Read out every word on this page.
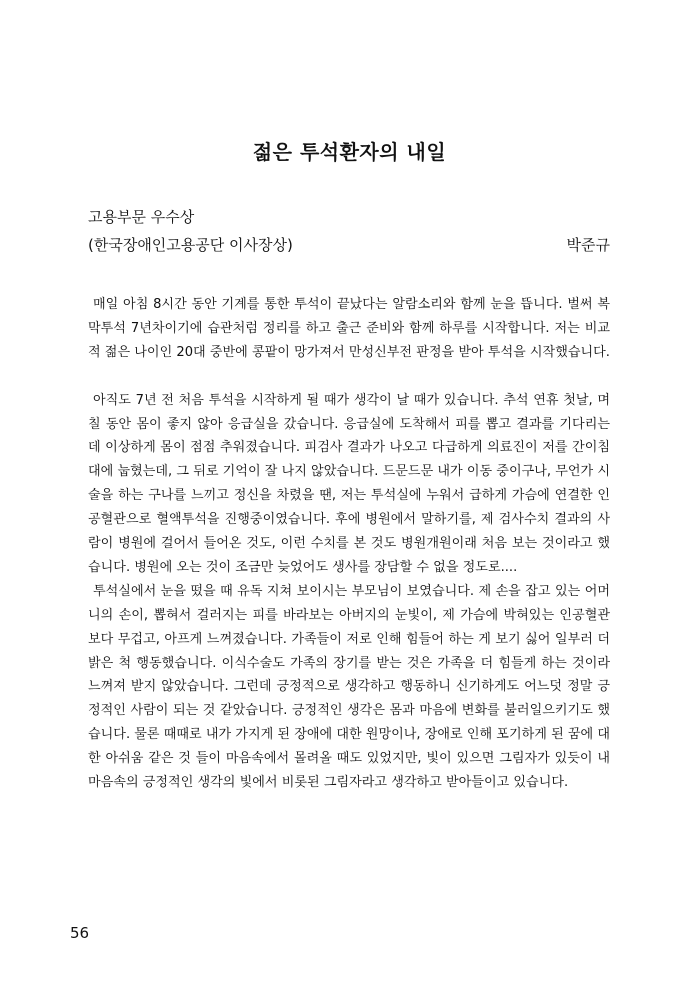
젊은 투석환자의 내일
고용부문 우수상
(한국장애인고용공단 이사장상)	박준규

매일 아침 8시간 동안 기계를 통한 투석이 끝났다는 알람소리와 함께 눈을 뜹니다. 벌써 복막투석 7년차이기에 습관처럼 정리를 하고 출근 준비와 함께 하루를 시작합니다. 저는 비교적 젊은 나이인 20대 중반에 콩팥이 망가져서 만성신부전 판정을 받아 투석을 시작했습니다.

아직도 7년 전 처음 투석을 시작하게 될 때가 생각이 날 때가 있습니다. 추석 연휴 첫날, 며칠 동안 몸이 좋지 않아 응급실을 갔습니다. 응급실에 도착해서 피를 뽑고 결과를 기다리는데 이상하게 몸이 점점 추워졌습니다. 피검사 결과가 나오고 다급하게 의료진이 저를 간이침대에 눕혔는데, 그 뒤로 기억이 잘 나지 않았습니다. 드문드문 내가 이동 중이구나, 무언가 시술을 하는 구나를 느끼고 정신을 차렸을 땐, 저는 투석실에 누워서 급하게 가슴에 연결한 인공혈관으로 혈액투석을 진행중이였습니다. 후에 병원에서 말하기를, 제 검사수치 결과의 사람이 병원에 걸어서 들어온 것도, 이런 수치를 본 것도 병원개원이래 처음 보는 것이라고 했습니다. 병원에 오는 것이 조금만 늦었어도 생사를 장담할 수 없을 정도로....

투석실에서 눈을 떴을 때 유독 지쳐 보이시는 부모님이 보였습니다. 제 손을 잡고 있는 어머니의 손이, 뽑혀서 걸러지는 피를 바라보는 아버지의 눈빛이, 제 가슴에 박혀있는 인공혈관보다 무겁고, 아프게 느껴졌습니다. 가족들이 저로 인해 힘들어 하는 게 보기 싫어 일부러 더 밝은 척 행동했습니다. 이식수술도 가족의 장기를 받는 것은 가족을 더 힘들게 하는 것이라 느껴져 받지 않았습니다. 그런데 긍정적으로 생각하고 행동하니 신기하게도 어느덧 정말 긍정적인 사람이 되는 것 같았습니다. 긍정적인 생각은 몸과 마음에 변화를 불러일으키기도 했습니다. 물론 때때로 내가 가지게 된 장애에 대한 원망이나, 장애로 인해 포기하게 된 꿈에 대한 아쉬움 같은 것 들이 마음속에서 몰려올 때도 있었지만, 빛이 있으면 그림자가 있듯이 내 마음속의 긍정적인 생각의 빛에서 비롯된 그림자라고 생각하고 받아들이고 있습니다.

56
